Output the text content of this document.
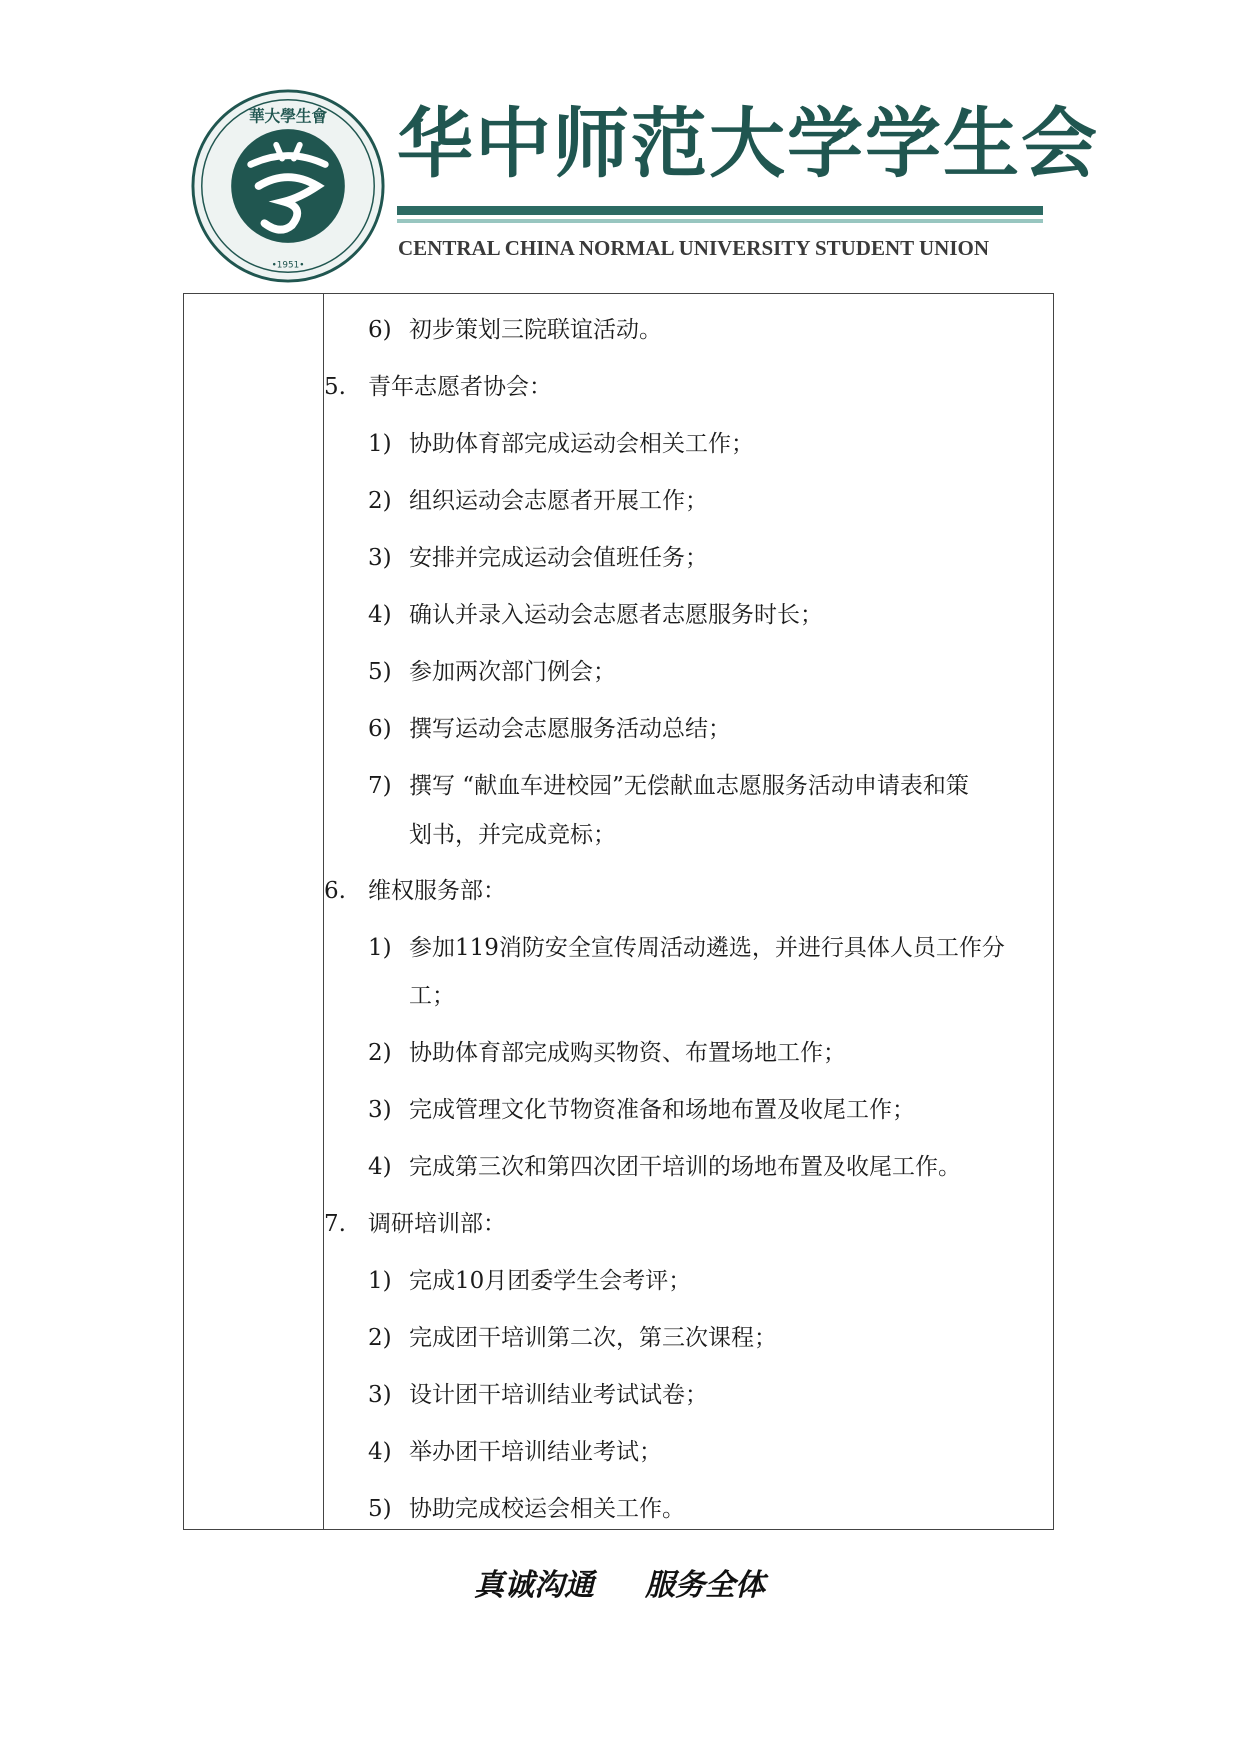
華大學生會
•1951•
华中师范大学学生会
CENTRAL CHINA NORMAL UNIVERSITY STUDENT UNION
6) 初步策划三院联谊活动。
5. 青年志愿者协会：
1) 协助体育部完成运动会相关工作；
2) 组织运动会志愿者开展工作；
3) 安排并完成运动会值班任务；
4) 确认并录入运动会志愿者志愿服务时长；
5) 参加两次部门例会；
6) 撰写运动会志愿服务活动总结；
7) 撰写 “献血车进校园”无偿献血志愿服务活动申请表和策
划书，并完成竞标；
6. 维权服务部：
1) 参加119消防安全宣传周活动遴选，并进行具体人员工作分
工；
2) 协助体育部完成购买物资、布置场地工作；
3) 完成管理文化节物资准备和场地布置及收尾工作；
4) 完成第三次和第四次团干培训的场地布置及收尾工作。
7. 调研培训部：
1) 完成10月团委学生会考评；
2) 完成团干培训第二次，第三次课程；
3) 设计团干培训结业考试试卷；
4) 举办团干培训结业考试；
5) 协助完成校运会相关工作。
真诚沟通 服务全体
